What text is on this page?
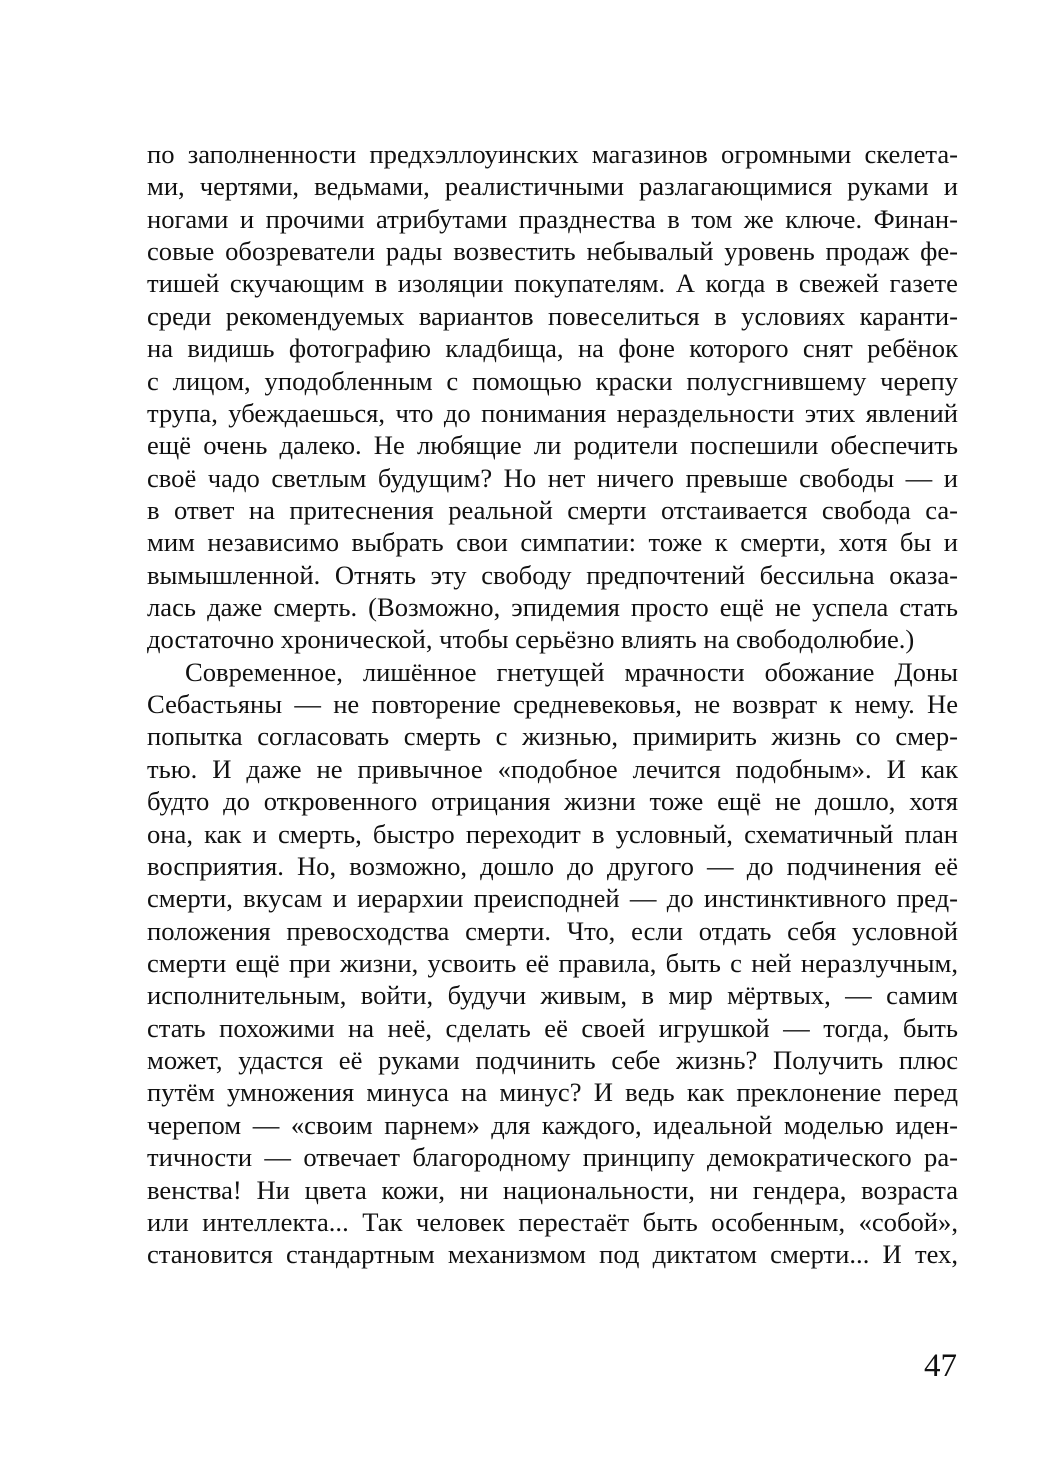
по заполненности предхэллоуинских магазинов огромными скелета-
ми, чертями, ведьмами, реалистичными разлагающимися руками и
ногами и прочими атрибутами празднества в том же ключе. Финан-
совые обозреватели рады возвестить небывалый уровень продаж фе-
тишей скучающим в изоляции покупателям. А когда в свежей газете
среди рекомендуемых вариантов повеселиться в условиях каранти-
на видишь фотографию кладбища, на фоне которого снят ребёнок
с лицом, уподобленным с помощью краски полусгнившему черепу
трупа, убеждаешься, что до понимания нераздельности этих явлений
ещё очень далеко. Не любящие ли родители поспешили обеспечить
своё чадо светлым будущим? Но нет ничего превыше свободы — и
в ответ на притеснения реальной смерти отстаивается свобода са-
мим независимо выбрать свои симпатии: тоже к смерти, хотя бы и
вымышленной. Отнять эту свободу предпочтений бессильна оказа-
лась даже смерть. (Возможно, эпидемия просто ещё не успела стать
достаточно хронической, чтобы серьёзно влиять на свободолюбие.)
Современное, лишённое гнетущей мрачности обожание Доны
Себастьяны — не повторение средневековья, не возврат к нему. Не
попытка согласовать смерть с жизнью, примирить жизнь со смер-
тью. И даже не привычное «подобное лечится подобным». И как
будто до откровенного отрицания жизни тоже ещё не дошло, хотя
она, как и смерть, быстро переходит в условный, схематичный план
восприятия. Но, возможно, дошло до другого — до подчинения её
смерти, вкусам и иерархии преисподней — до инстинктивного пред-
положения превосходства смерти. Что, если отдать себя условной
смерти ещё при жизни, усвоить её правила, быть с ней неразлучным,
исполнительным, войти, будучи живым, в мир мёртвых, — самим
стать похожими на неё, сделать её своей игрушкой — тогда, быть
может, удастся её руками подчинить себе жизнь? Получить плюс
путём умножения минуса на минус? И ведь как преклонение перед
черепом — «своим парнем» для каждого, идеальной моделью иден-
тичности — отвечает благородному принципу демократического ра-
венства! Ни цвета кожи, ни национальности, ни гендера, возраста
или интеллекта... Так человек перестаёт быть особенным, «собой»,
становится стандартным механизмом под диктатом смерти... И тех,
47
